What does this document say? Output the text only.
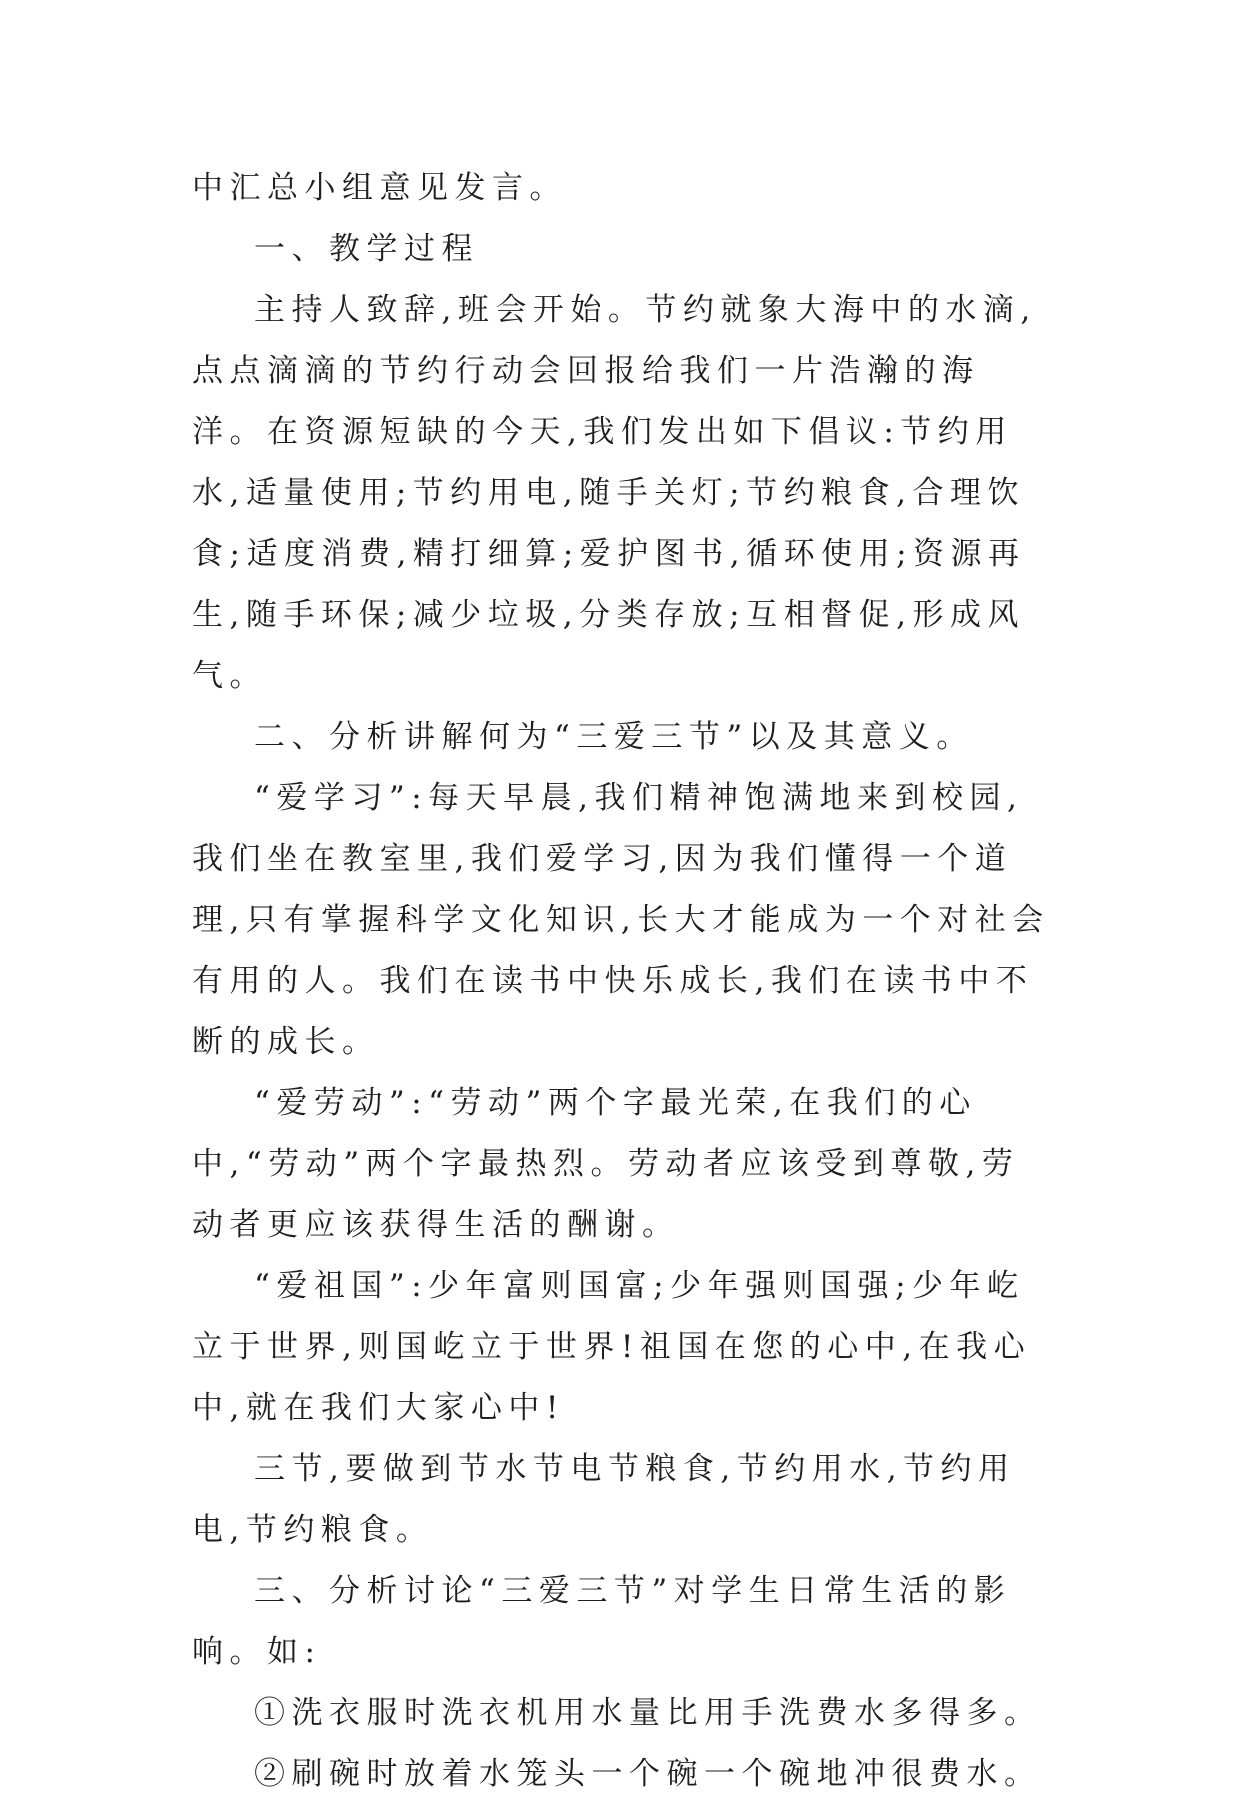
中汇总小组意见发言。

一、教学过程

主持人致辞,班会开始。节约就象大海中的水滴,点点滴滴的节约行动会回报给我们一片浩瀚的海洋。在资源短缺的今天,我们发出如下倡议:节约用水,适量使用;节约用电,随手关灯;节约粮食,合理饮食;适度消费,精打细算;爱护图书,循环使用;资源再生,随手环保;减少垃圾,分类存放;互相督促,形成风气。

二、分析讲解何为“三爱三节”以及其意义。

“爱学习”:每天早晨,我们精神饱满地来到校园,我们坐在教室里,我们爱学习,因为我们懂得一个道理,只有掌握科学文化知识,长大才能成为一个对社会有用的人。我们在读书中快乐成长,我们在读书中不断的成长。

“爱劳动”:“劳动”两个字最光荣,在我们的心中,“劳动”两个字最热烈。劳动者应该受到尊敬,劳动者更应该获得生活的酬谢。

“爱祖国”:少年富则国富;少年强则国强;少年屹立于世界,则国屹立于世界!祖国在您的心中,在我心中,就在我们大家心中!

三节,要做到节水节电节粮食,节约用水,节约用电,节约粮食。

三、分析讨论“三爱三节”对学生日常生活的影响。如:

①洗衣服时洗衣机用水量比用手洗费水多得多。

②刷碗时放着水笼头一个碗一个碗地冲很费水。
